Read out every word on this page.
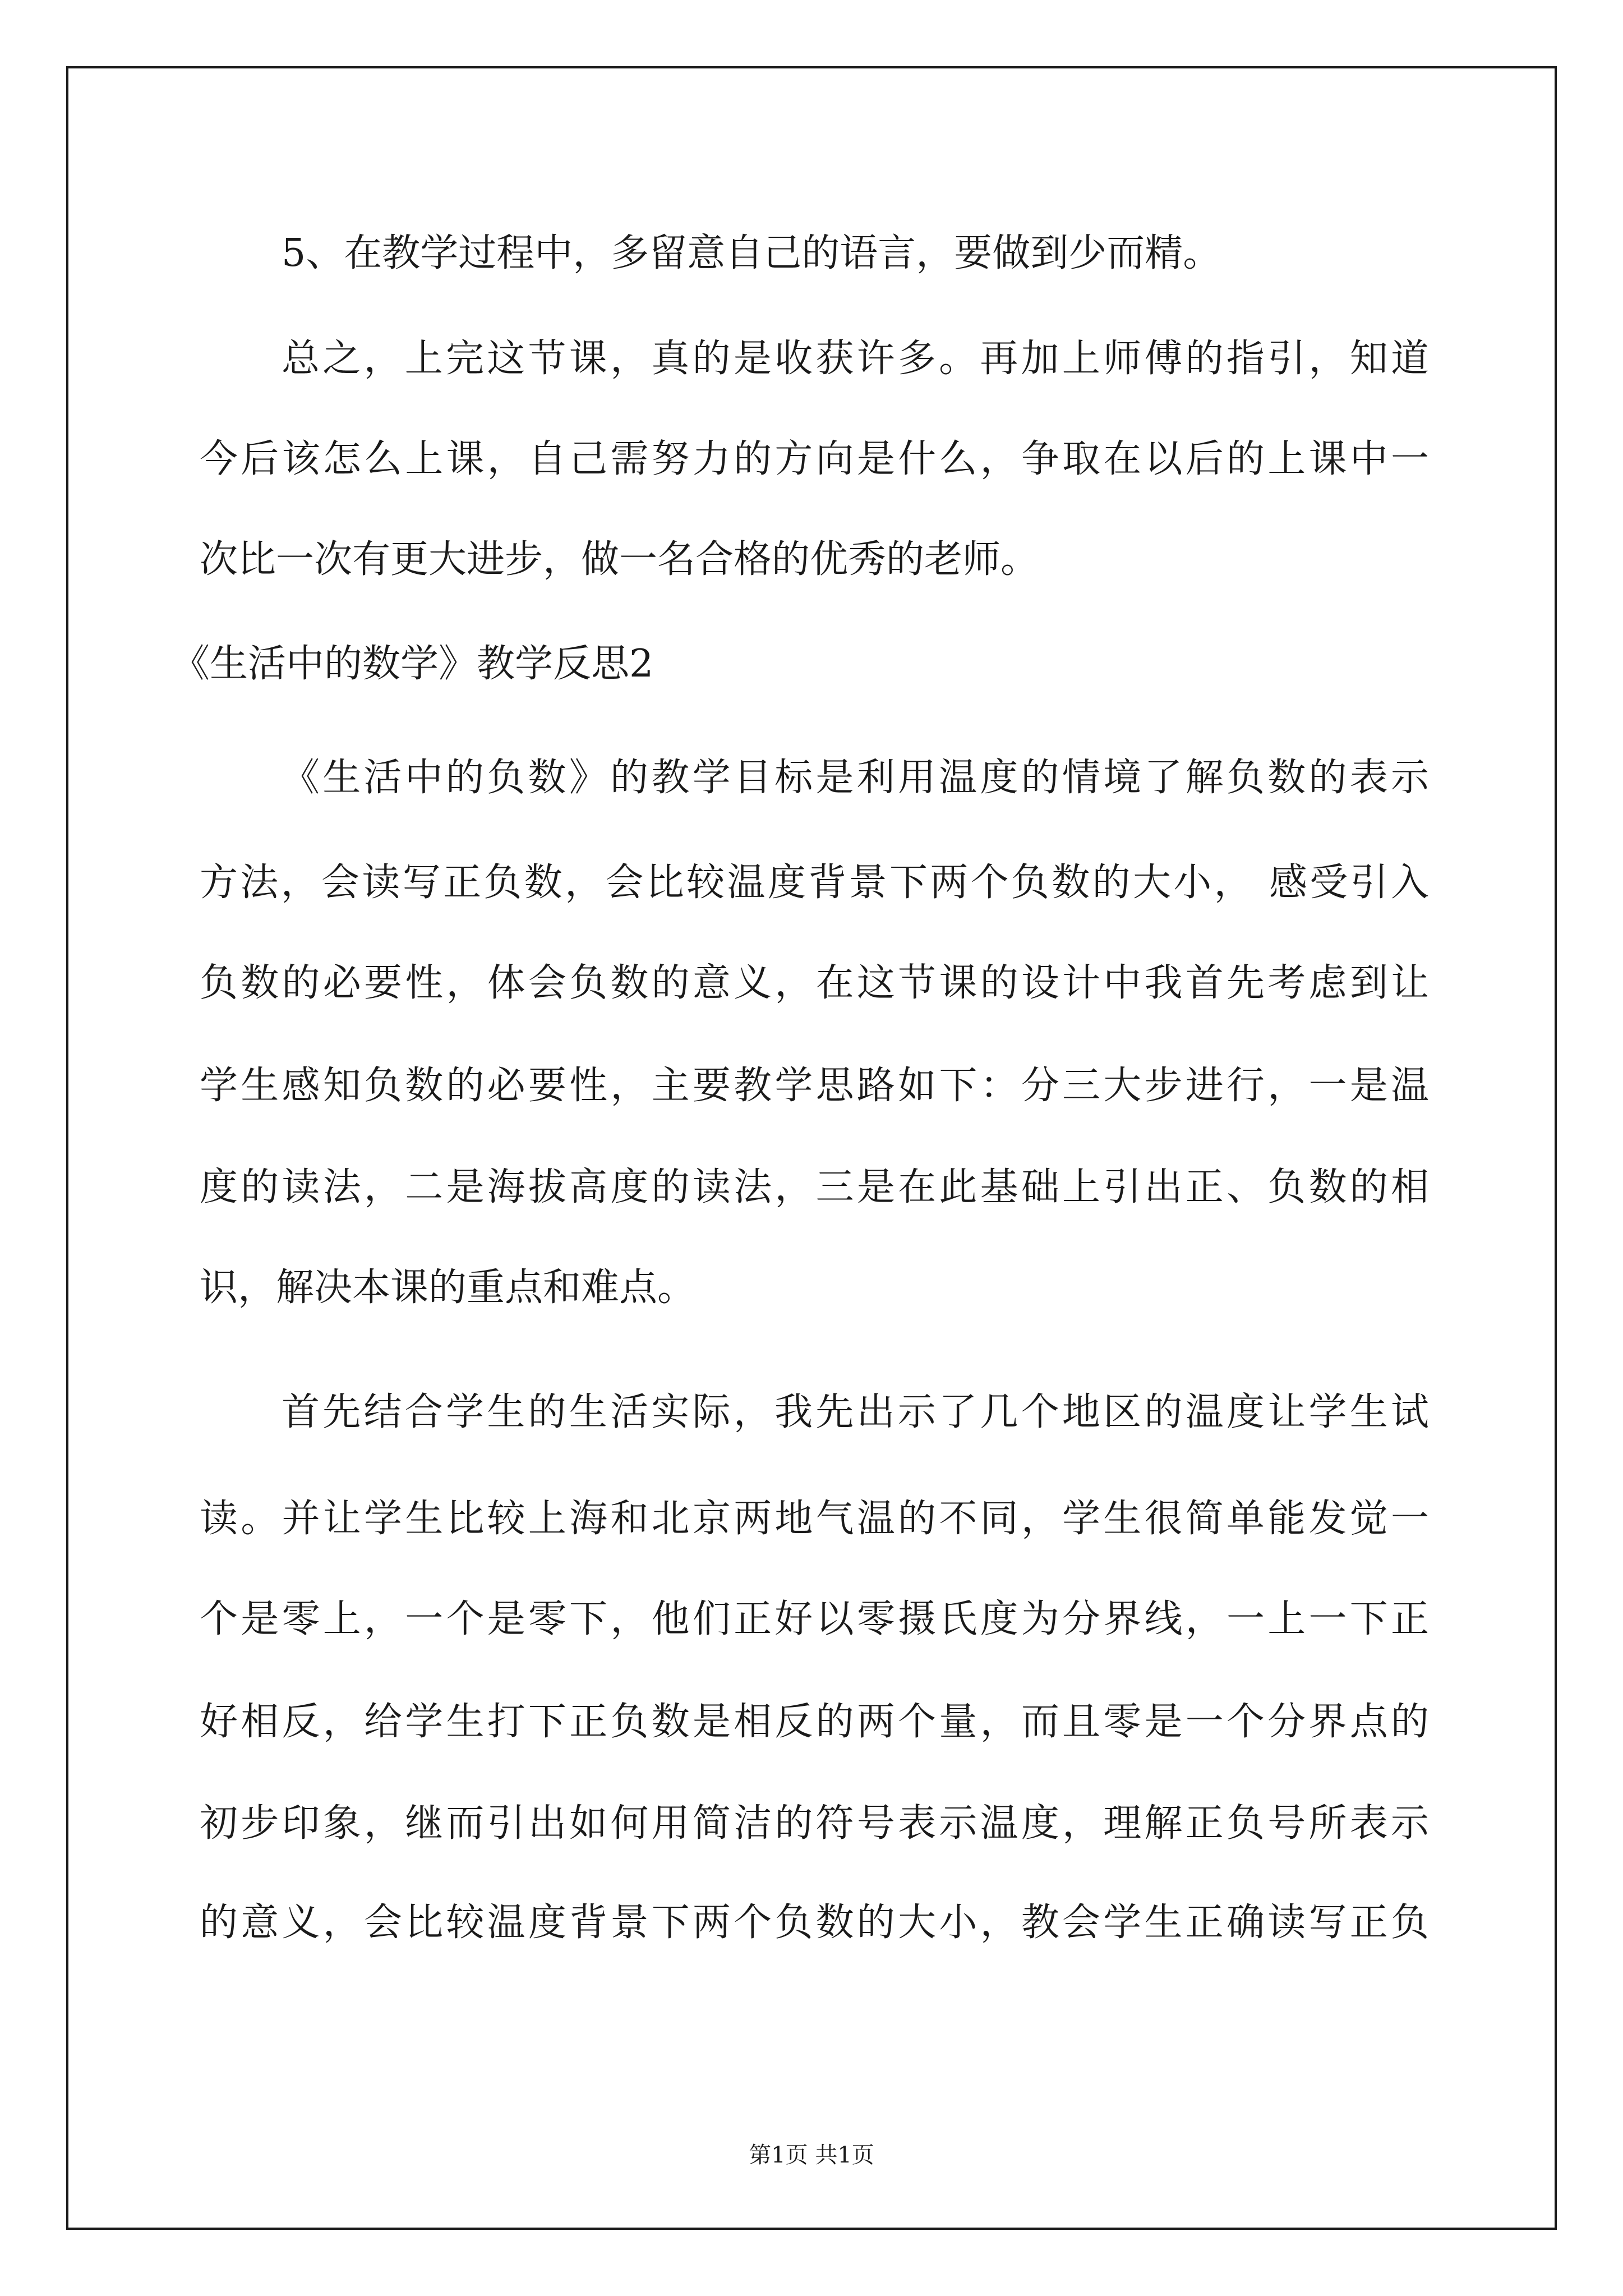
5、在教学过程中，多留意自己的语言，要做到少而精。
总之，上完这节课，真的是收获许多。再加上师傅的指引，知道
今后该怎么上课，自己需努力的方向是什么，争取在以后的上课中一
次比一次有更大进步，做一名合格的优秀的老师。
《生活中的数学》教学反思2
《生活中的负数》的教学目标是利用温度的情境了解负数的表示
方法，会读写正负数，会比较温度背景下两个负数的大小， 感受引入
负数的必要性，体会负数的意义，在这节课的设计中我首先考虑到让
学生感知负数的必要性，主要教学思路如下：分三大步进行，一是温
度的读法，二是海拔高度的读法，三是在此基础上引出正、负数的相
识，解决本课的重点和难点。
首先结合学生的生活实际，我先出示了几个地区的温度让学生试
读。并让学生比较上海和北京两地气温的不同，学生很简单能发觉一
个是零上，一个是零下，他们正好以零摄氏度为分界线，一上一下正
好相反，给学生打下正负数是相反的两个量，而且零是一个分界点的
初步印象，继而引出如何用简洁的符号表示温度，理解正负号所表示
的意义，会比较温度背景下两个负数的大小，教会学生正确读写正负
第1页 共1页
